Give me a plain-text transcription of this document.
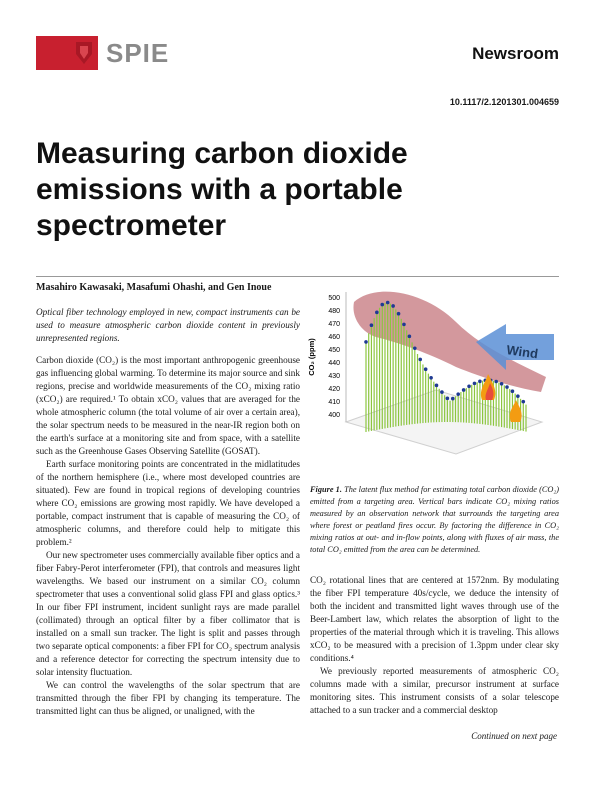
SPIE	Newsroom
10.1117/2.1201301.004659
Measuring carbon dioxide emissions with a portable spectrometer
Masahiro Kawasaki, Masafumi Ohashi, and Gen Inoue

Optical fiber technology employed in new, compact instruments can be used to measure atmospheric carbon dioxide content in previously unrepresented regions.

Carbon dioxide (CO₂) is the most important anthropogenic greenhouse gas influencing global warming. To determine its major source and sink regions, precise and worldwide measurements of the CO₂ mixing ratio (xCO₂) are required.¹ To obtain xCO₂ values that are averaged for the whole atmospheric column (the total volume of air over a certain area), the solar spectrum needs to be measured in the near-IR region both on the earth's surface at a monitoring site and from space, with a satellite such as the Greenhouse Gases Observing Satellite (GOSAT).

Earth surface monitoring points are concentrated in the midlatitudes of the northern hemisphere (i.e., where most developed countries are situated). Few are found in tropical regions of developing countries where CO₂ emissions are growing most rapidly. We have developed a portable, compact instrument that is capable of measuring the CO₂ of atmospheric columns, and therefore could help to mitigate this problem.²

Our new spectrometer uses commercially available fiber optics and a fiber Fabry-Perot interferometer (FPI), that controls and measures light wavelengths. We based our instrument on a similar CO₂ column spectrometer that uses a conventional solid glass FPI and glass optics.³ In our fiber FPI instrument, incident sunlight rays are made parallel (collimated) through an optical filter by a fiber collimator that is installed on a small sun tracker. The light is split and passes through two separate optical components: a fiber FPI for CO₂ spectrum analysis and a reference detector for correcting the spectrum intensity due to solar intensity fluctuation.

We can control the wavelengths of the solar spectrum that are transmitted through the fiber FPI by changing its temperature. The transmitted light can thus be aligned, or unaligned, with the

500
480
470
460
450
440
430
420
410
400
CO₂ (ppm)	Wind
Figure 1. The latent flux method for estimating total carbon dioxide (CO₂) emitted from a targeting area. Vertical bars indicate CO₂ mixing ratios measured by an observation network that surrounds the targeting area where forest or peatland fires occur. By factoring the difference in CO₂ mixing ratios at out- and in-flow points, along with fluxes of air mass, the total CO₂ emitted from the area can be determined.

CO₂ rotational lines that are centered at 1572nm. By modulating the fiber FPI temperature 40s/cycle, we deduce the intensity of both the incident and transmitted light waves through use of the Beer-Lambert law, which relates the absorption of light to the properties of the material through which it is traveling. This allows xCO₂ to be measured with a precision of 1.3ppm under clear sky conditions.⁴

We previously reported measurements of atmospheric CO₂ columns made with a similar, precursor instrument at surface monitoring sites. This instrument consists of a solar telescope attached to a sun tracker and a commercial desktop

Continued on next page
